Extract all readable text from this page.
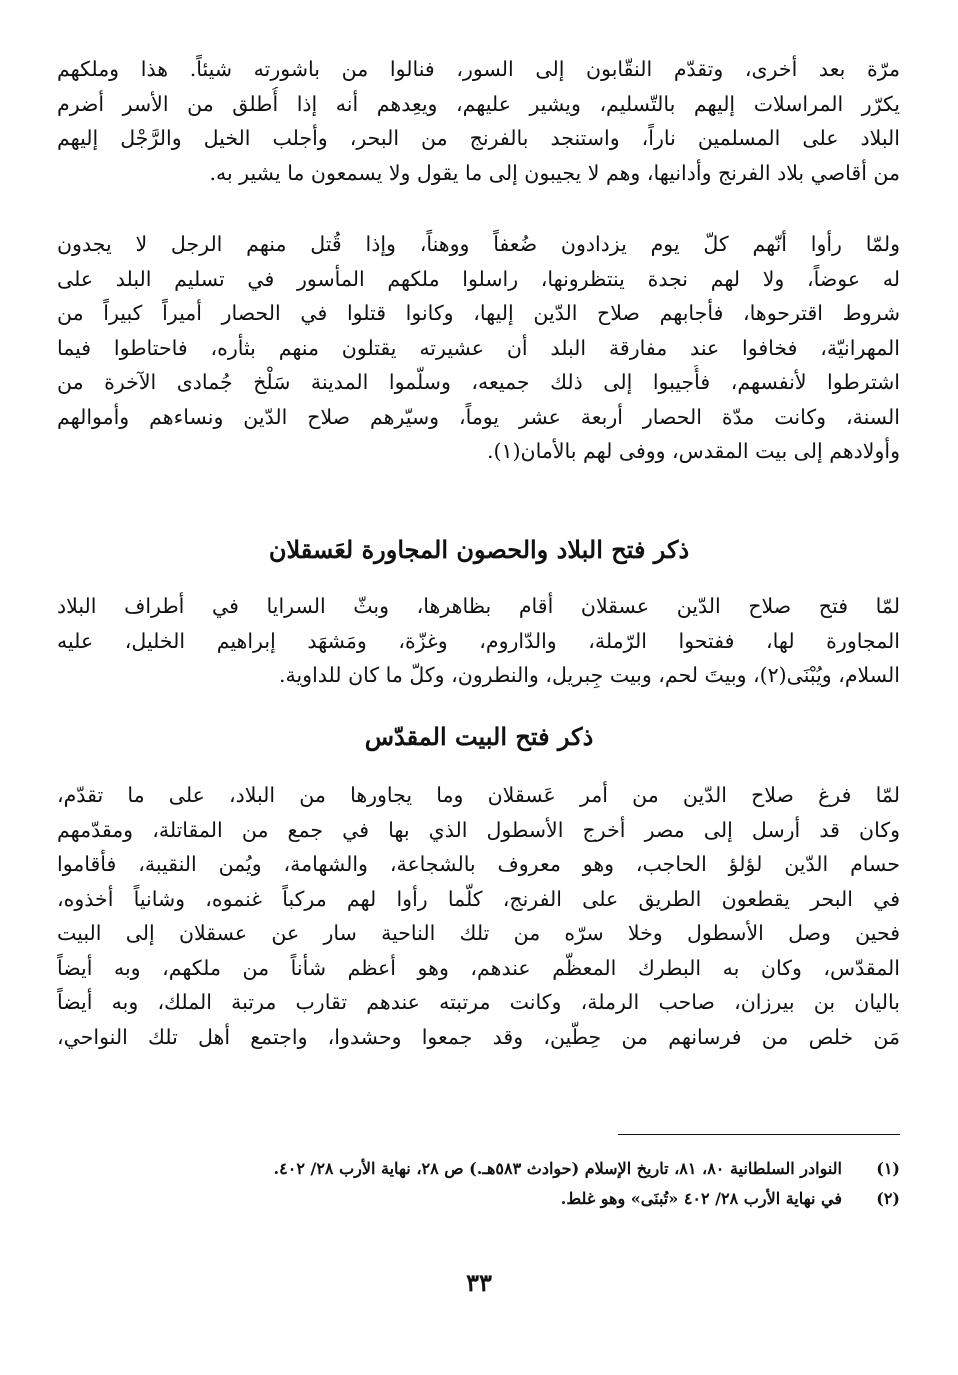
مرّة بعد أخرى، وتقدّم النقّابون إلى السور، فنالوا من باشورته شيئاً. هذا وملكهم
يكرّر المراسلات إليهم بالتّسليم، ويشير عليهم، ويعِدهم أنه إذا أُطلق من الأسر أضرم
البلاد على المسلمين ناراً، واستنجد بالفرنج من البحر، وأجلب الخيل والرَّجْل إليهم
من أقاصي بلاد الفرنج وأدانيها، وهم لا يجيبون إلى ما يقول ولا يسمعون ما يشير به.
ولمّا رأوا أنّهم كلّ يوم يزدادون ضُعفاً ووهناً، وإذا قُتل منهم الرجل لا يجدون
له عوضاً، ولا لهم نجدة ينتظرونها، راسلوا ملكهم المأسور في تسليم البلد على
شروط اقترحوها، فأجابهم صلاح الدّين إليها، وكانوا قتلوا في الحصار أميراً كبيراً من
المهرانيّة، فخافوا عند مفارقة البلد أن عشيرته يقتلون منهم بثأره، فاحتاطوا فيما
اشترطوا لأنفسهم، فأُجيبوا إلى ذلك جميعه، وسلّموا المدينة سَلْخ جُمادى الآخرة من
السنة، وكانت مدّة الحصار أربعة عشر يوماً، وسيّرهم صلاح الدّين ونساءهم وأموالهم
وأولادهم إلى بيت المقدس، ووفى لهم بالأمان(١).
ذكر فتح البلاد والحصون المجاورة لعَسقلان
لمّا فتح صلاح الدّين عسقلان أقام بظاهرها، وبثّ السرايا في أطراف البلاد
المجاورة لها، ففتحوا الرّملة، والدّاروم، وغزّة، ومَشهَد إبراهيم الخليل، عليه
السلام، ويُبْنَى(٢)، وبيتَ لحم، وبيت جِبريل، والنطرون، وكلّ ما كان للداوية.
ذكر فتح البيت المقدّس
لمّا فرغ صلاح الدّين من أمر عَسقلان وما يجاورها من البلاد، على ما تقدّم،
وكان قد أرسل إلى مصر أخرج الأسطول الذي بها في جمع من المقاتلة، ومقدّمهم
حسام الدّين لؤلؤ الحاجب، وهو معروف بالشجاعة، والشهامة، ويُمن النقيبة، فأقاموا
في البحر يقطعون الطريق على الفرنج، كلّما رأوا لهم مركباً غنموه، وشانياً أخذوه،
فحين وصل الأسطول وخلا سرّه من تلك الناحية سار عن عسقلان إلى البيت
المقدّس، وكان به البطرك المعظّم عندهم، وهو أعظم شأناً من ملكهم، وبه أيضاً
باليان بن بيرزان، صاحب الرملة، وكانت مرتبته عندهم تقارب مرتبة الملك، وبه أيضاً
مَن خلص من فرسانهم من حِطّين، وقد جمعوا وحشدوا، واجتمع أهل تلك النواحي،
(١)
النوادر السلطانية ٨٠، ٨١، تاريخ الإسلام (حوادث ٥٨٣هـ.) ص ٢٨، نهاية الأرب ٢٨/ ٤٠٢.
(٢)
في نهاية الأرب ٢٨/ ٤٠٢ «تُبنَى» وهو غلط.
٣٣
